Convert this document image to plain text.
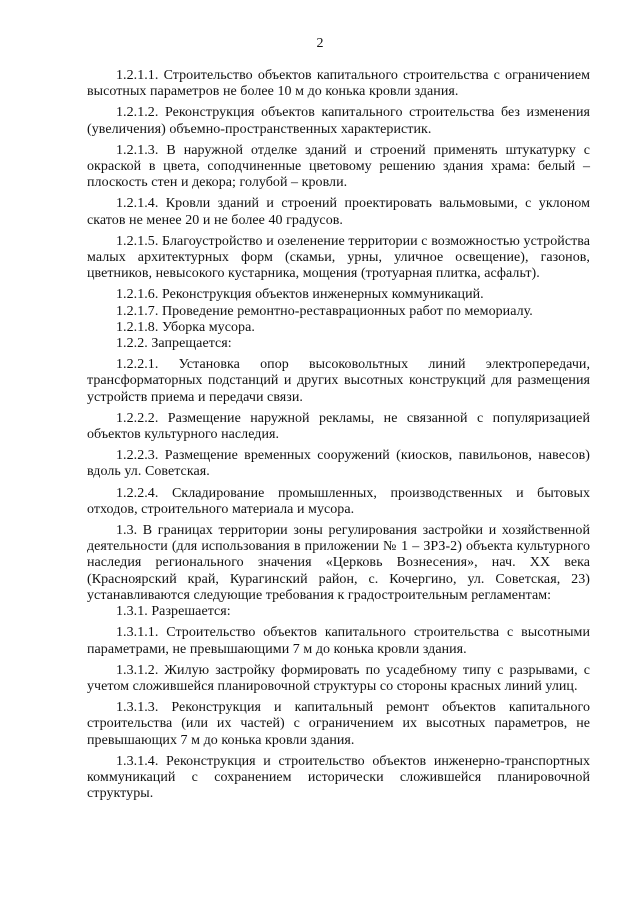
2

1.2.1.1. Строительство объектов капитального строительства с ограничением высотных параметров не более 10 м до конька кровли здания.

1.2.1.2. Реконструкция объектов капитального строительства без изменения (увеличения) объемно-пространственных характеристик.

1.2.1.3. В наружной отделке зданий и строений применять штукатурку с окраской в цвета, соподчиненные цветовому решению здания храма: белый – плоскость стен и декора; голубой – кровли.

1.2.1.4. Кровли зданий и строений проектировать вальмовыми, с уклоном скатов не менее 20 и не более 40 градусов.

1.2.1.5. Благоустройство и озеленение территории с возможностью устройства малых архитектурных форм (скамьи, урны, уличное освещение), газонов, цветников, невысокого кустарника, мощения (тротуарная плитка, асфальт).

1.2.1.6. Реконструкция объектов инженерных коммуникаций.

1.2.1.7. Проведение ремонтно-реставрационных работ по мемориалу.

1.2.1.8. Уборка мусора.

1.2.2. Запрещается:

1.2.2.1. Установка опор высоковольтных линий электропередачи, трансформаторных подстанций и других высотных конструкций для размещения устройств приема и передачи связи.

1.2.2.2. Размещение наружной рекламы, не связанной с популяризацией объектов культурного наследия.

1.2.2.3. Размещение временных сооружений (киосков, павильонов, навесов) вдоль ул. Советская.

1.2.2.4. Складирование промышленных, производственных и бытовых отходов, строительного материала и мусора.

1.3. В границах территории зоны регулирования застройки и хозяйственной деятельности (для использования в приложении № 1 – ЗРЗ-2) объекта культурного наследия регионального значения «Церковь Вознесения», нач. XX века (Красноярский край, Курагинский район, с. Кочергино, ул. Советская, 23) устанавливаются следующие требования к градостроительным регламентам:

1.3.1. Разрешается:

1.3.1.1. Строительство объектов капитального строительства с высотными параметрами, не превышающими 7 м до конька кровли здания.

1.3.1.2. Жилую застройку формировать по усадебному типу с разрывами, с учетом сложившейся планировочной структуры со стороны красных линий улиц.

1.3.1.3. Реконструкция и капитальный ремонт объектов капитального строительства (или их частей) с ограничением их высотных параметров, не превышающих 7 м до конька кровли здания.

1.3.1.4. Реконструкция и строительство объектов инженерно-транспортных коммуникаций с сохранением исторически сложившейся планировочной структуры.
